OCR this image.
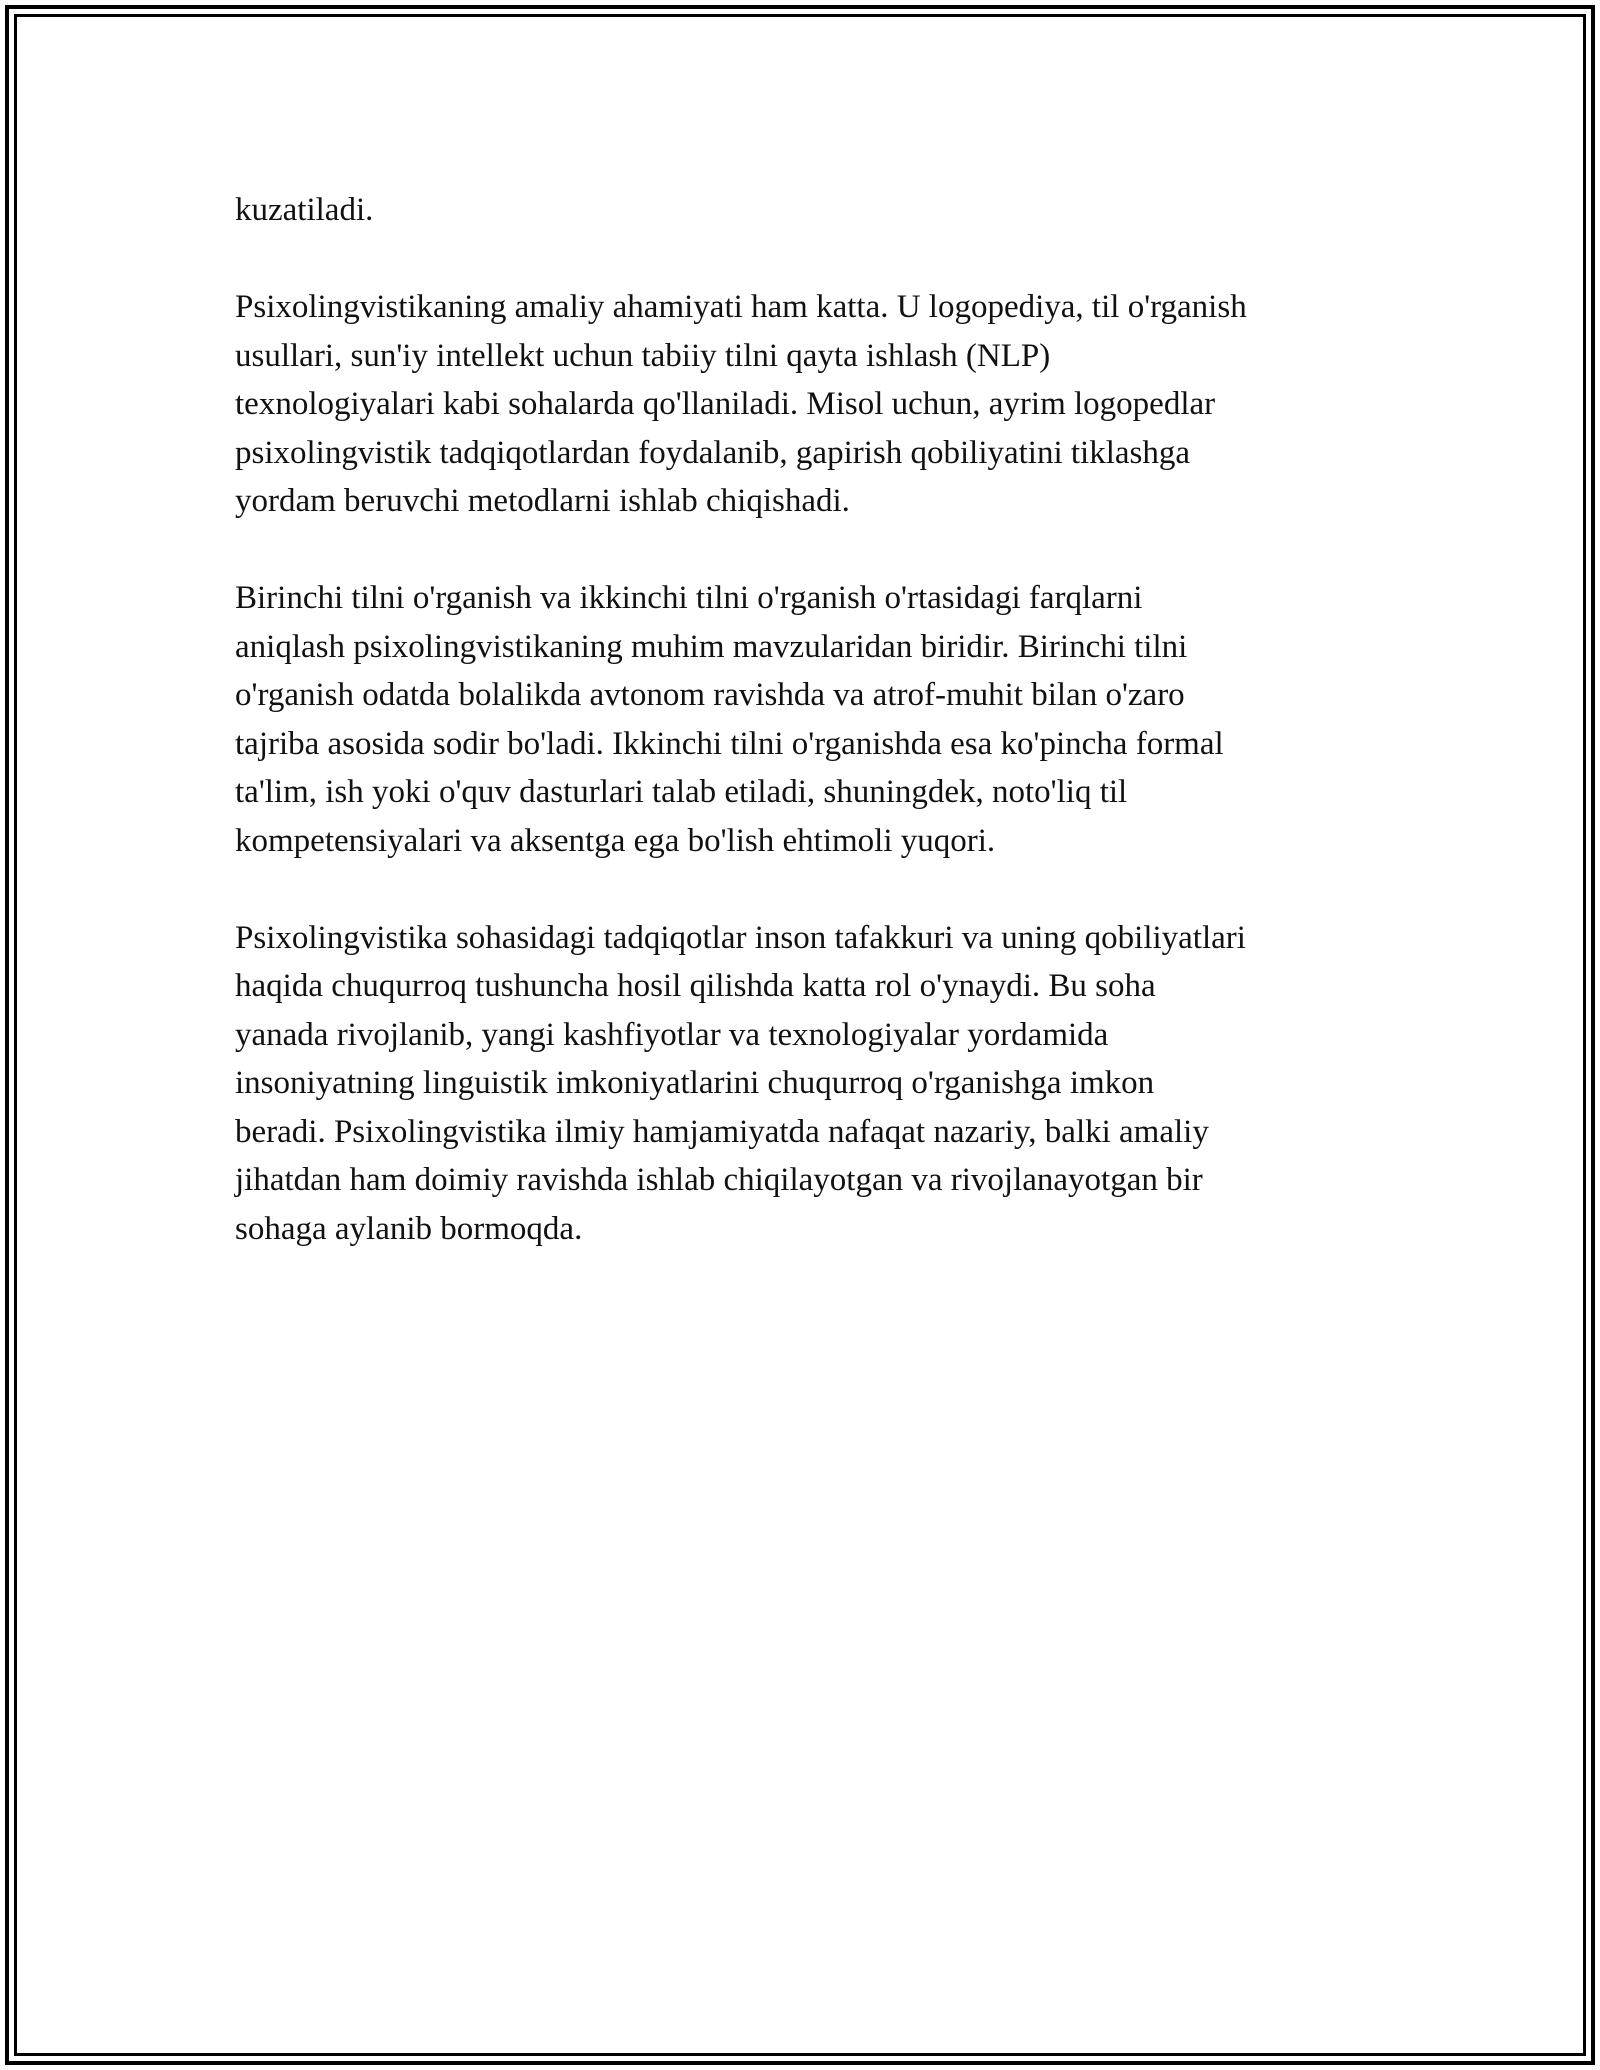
kuzatiladi.

Psixolingvistikaning amaliy ahamiyati ham katta. U logopediya, til o'rganish
usullari, sun'iy intellekt uchun tabiiy tilni qayta ishlash (NLP)
texnologiyalari kabi sohalarda qo'llaniladi. Misol uchun, ayrim logopedlar
psixolingvistik tadqiqotlardan foydalanib, gapirish qobiliyatini tiklashga
yordam beruvchi metodlarni ishlab chiqishadi.

Birinchi tilni o'rganish va ikkinchi tilni o'rganish o'rtasidagi farqlarni
aniqlash psixolingvistikaning muhim mavzularidan biridir. Birinchi tilni
o'rganish odatda bolalikda avtonom ravishda va atrof-muhit bilan o'zaro
tajriba asosida sodir bo'ladi. Ikkinchi tilni o'rganishda esa ko'pincha formal
ta'lim, ish yoki o'quv dasturlari talab etiladi, shuningdek, noto'liq til
kompetensiyalari va aksentga ega bo'lish ehtimoli yuqori.

Psixolingvistika sohasidagi tadqiqotlar inson tafakkuri va uning qobiliyatlari
haqida chuqurroq tushuncha hosil qilishda katta rol o'ynaydi. Bu soha
yanada rivojlanib, yangi kashfiyotlar va texnologiyalar yordamida
insoniyatning linguistik imkoniyatlarini chuqurroq o'rganishga imkon
beradi. Psixolingvistika ilmiy hamjamiyatda nafaqat nazariy, balki amaliy
jihatdan ham doimiy ravishda ishlab chiqilayotgan va rivojlanayotgan bir
sohaga aylanib bormoqda.
